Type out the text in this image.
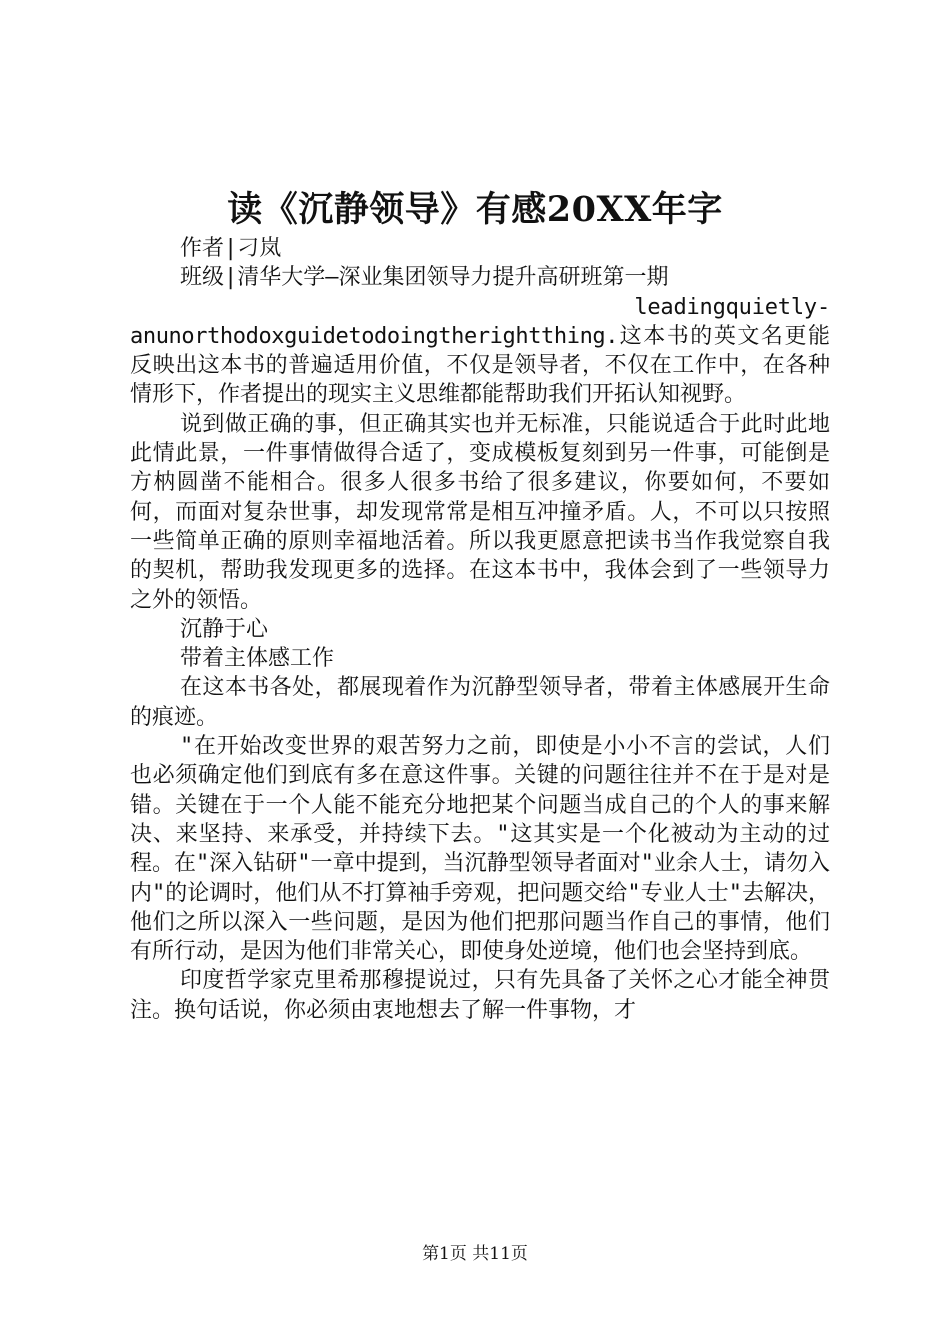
读《沉静领导》有感20XX年字

作者|刁岚

班级|清华大学—深业集团领导力提升高研班第一期

leadingquietly-

anunorthodoxguidetodoingtherightthing.这本书的英文名更能反映出这本书的普遍适用价值，不仅是领导者，不仅在工作中，在各种情形下，作者提出的现实主义思维都能帮助我们开拓认知视野。

说到做正确的事，但正确其实也并无标准，只能说适合于此时此地此情此景，一件事情做得合适了，变成模板复刻到另一件事，可能倒是方枘圆凿不能相合。很多人很多书给了很多建议，你要如何，不要如何，而面对复杂世事，却发现常常是相互冲撞矛盾。人，不可以只按照一些简单正确的原则幸福地活着。所以我更愿意把读书当作我觉察自我的契机，帮助我发现更多的选择。在这本书中，我体会到了一些领导力之外的领悟。

沉静于心

带着主体感工作

在这本书各处，都展现着作为沉静型领导者，带着主体感展开生命的痕迹。

"在开始改变世界的艰苦努力之前，即使是小小不言的尝试，人们也必须确定他们到底有多在意这件事。关键的问题往往并不在于是对是错。关键在于一个人能不能充分地把某个问题当成自己的个人的事来解决、来坚持、来承受，并持续下去。"这其实是一个化被动为主动的过程。在"深入钻研"一章中提到，当沉静型领导者面对"业余人士，请勿入内"的论调时，他们从不打算袖手旁观，把问题交给"专业人士"去解决，他们之所以深入一些问题，是因为他们把那问题当作自己的事情，他们有所行动，是因为他们非常关心，即使身处逆境，他们也会坚持到底。

印度哲学家克里希那穆提说过，只有先具备了关怀之心才能全神贯注。换句话说，你必须由衷地想去了解一件事物，才

第1页 共11页
